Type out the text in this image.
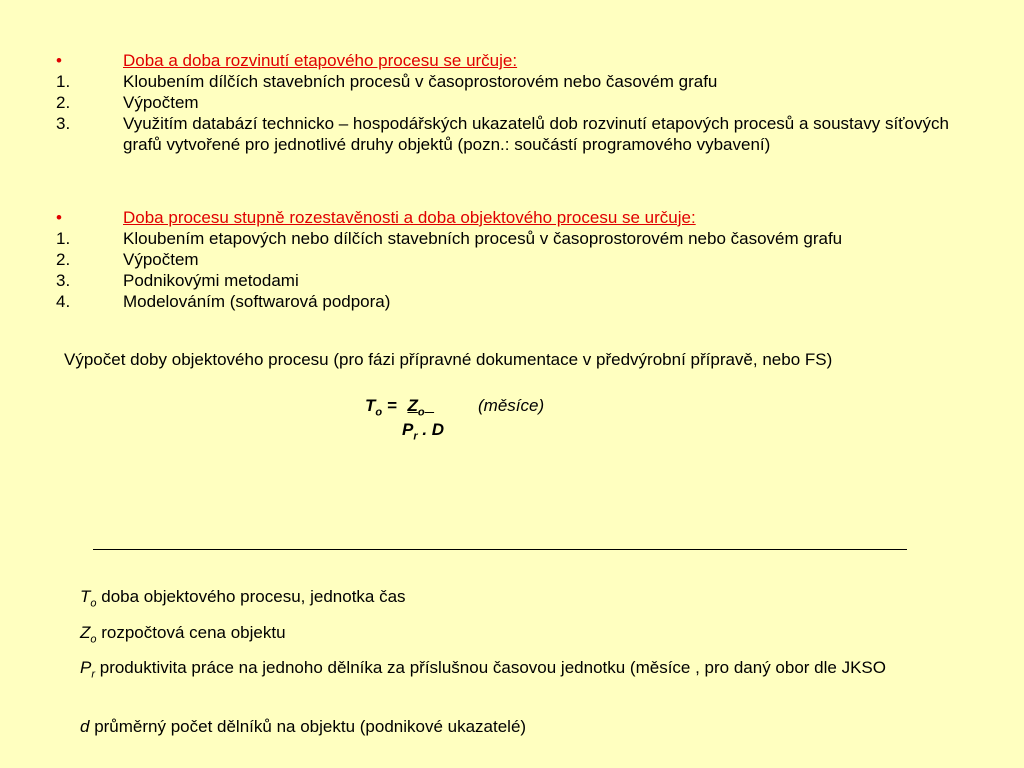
•	Doba a doba rozvinutí etapového procesu se určuje:
1.	Kloubením dílčích stavebních procesů v časoprostorovém nebo časovém grafu
2.	Výpočtem
3.	Využitím databází technicko – hospodářských ukazatelů dob rozvinutí etapových procesů a soustavy síťových grafů vytvořené pro jednotlivé druhy objektů (pozn.: součástí programového vybavení)
•	Doba procesu stupně rozestavěnosti a doba objektového procesu se určuje:
1.	Kloubením etapových nebo dílčích stavebních procesů v časoprostorovém nebo časovém grafu
2.	Výpočtem
3.	Podnikovými metodami
4.	Modelováním (softwarová podpora)
Výpočet doby objektového procesu (pro fázi přípravné dokumentace v předvýrobní přípravě, nebo FS)
$T_o = Z_o$
$P_r$ . D
(měsíce)
$T_o$ doba objektového procesu, jednotka čas
$Z_o$ rozpočtová cena objektu
$P_r$ produktivita práce na jednoho dělníka za příslušnou časovou jednotku (měsíce , pro daný obor dle JKSO
d průměrný počet dělníků na objektu (podnikové ukazatelé)
